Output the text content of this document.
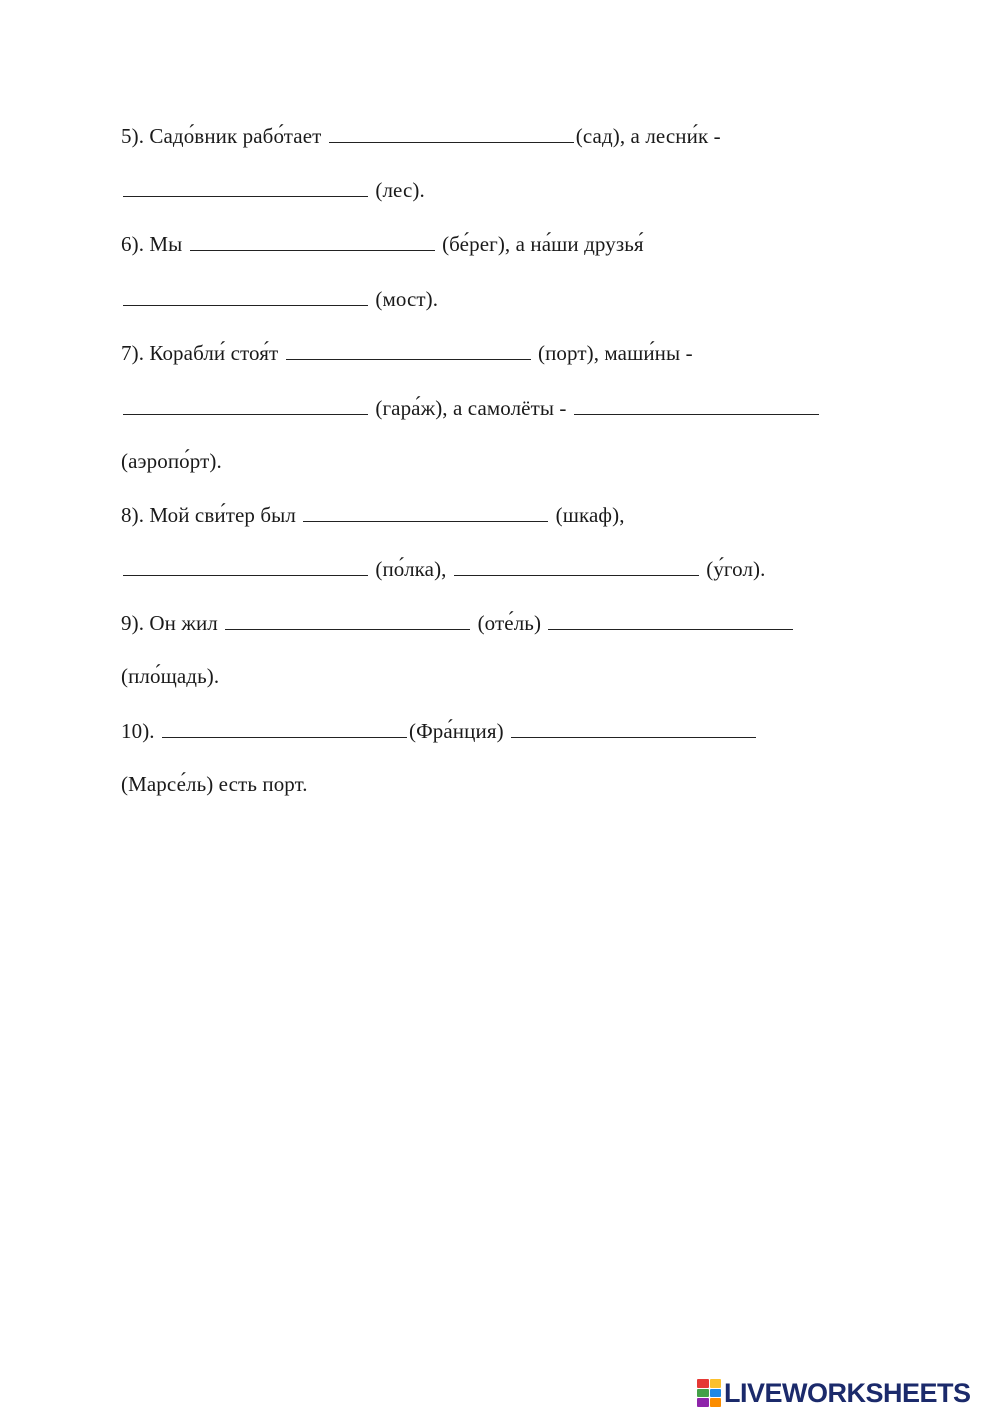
5). Садо́вник рабо́тает	(сад), а лесни́к -
(лес).
6). Мы	(бе́рег), а на́ши друзья́
(мост).
7). Корабли́ стоя́т	(порт), маши́ны -
(гара́ж), а самолёты -
(аэропо́рт).
8). Мой сви́тер был	(шкаф),
(по́лка),	(у́гол).
9). Он жил	(оте́ль)
(пло́щадь).
10).	(Фра́нция)
(Марсе́ль) есть порт.
LIVEWORKSHEETS
